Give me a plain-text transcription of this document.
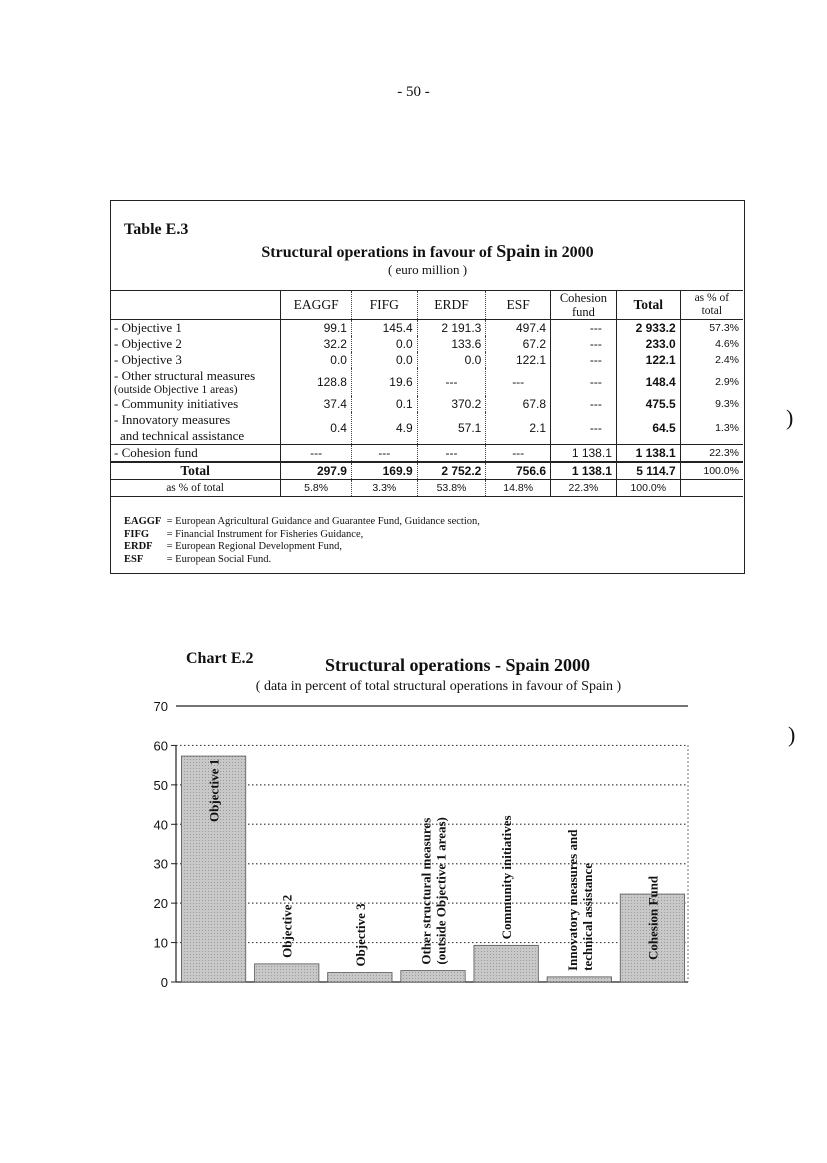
- 50 -
Table E.3
Structural operations in favour of Spain in 2000
( euro million )
	EAGGF	FIFG	ERDF	ESF	Cohesion fund	Total	as % of total

- Objective 1	99.1	145.4	2 191.3	497.4	---	2 933.2	57.3%

- Objective 2	32.2	0.0	133.6	67.2	---	233.0	4.6%

- Objective 3	0.0	0.0	0.0	122.1	---	122.1	2.4%

- Other structural measures
(outside Objective 1 areas)	128.8	19.6	---	---	---	148.4	2.9%

- Community initiatives	37.4	0.1	370.2	67.8	---	475.5	9.3%

- Innovatory measures
and technical assistance	0.4	4.9	57.1	2.1	---	64.5	1.3%

- Cohesion fund	---	---	---	---	1 138.1	1 138.1	22.3%
Total	297.9	169.9	2 752.2	756.6	1 138.1	5 114.7	100.0%
as % of total	5.8%	3.3%	53.8%	14.8%	22.3%	100.0%	
EAGGF = European Agricultural Guidance and Guarantee Fund, Guidance section,
FIFG = Financial Instrument for Fisheries Guidance,
ERDF = European Regional Development Fund,
ESF = European Social Fund.
Chart E.2	Structural operations - Spain 2000
( data in percent of total structural operations in favour of Spain )
0
10
20
30
40
50
60
70
Objective 1
Objective 2	Objective 3	Other structural measures (outside Objective 1 areas)	Community initiatives	Innovatory measures and technical assistance	Cohesion Fund
)
)
